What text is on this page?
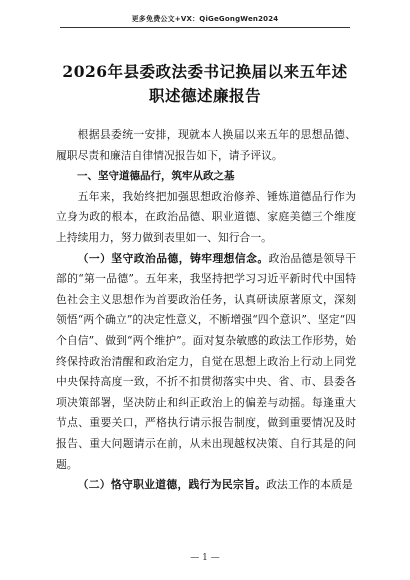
更多免费公文+VX：QiGeGongWen2024
2026年县委政法委书记换届以来五年述
职述德述廉报告

根据县委统一安排，现就本人换届以来五年的思想品德、履职尽责和廉洁自律情况报告如下，请予评议。

一、坚守道德品行，筑牢从政之基

五年来，我始终把加强思想政治修养、锤炼道德品行作为立身为政的根本，在政治品德、职业道德、家庭美德三个维度上持续用力，努力做到表里如一、知行合一。

（一）坚守政治品德，铸牢理想信念。政治品德是领导干部的“第一品德”。五年来，我坚持把学习习近平新时代中国特色社会主义思想作为首要政治任务，认真研读原著原文，深刻领悟“两个确立”的决定性意义，不断增强“四个意识”、坚定“四个自信”、做到“两个维护”。面对复杂敏感的政法工作形势，始终保持政治清醒和政治定力，自觉在思想上政治上行动上同党中央保持高度一致，不折不扣贯彻落实中央、省、市、县委各项决策部署，坚决防止和纠正政治上的偏差与动摇。每逢重大节点、重要关口，严格执行请示报告制度，做到重要情况及时报告、重大问题请示在前，从未出现越权决策、自行其是的问题。

（二）恪守职业道德，践行为民宗旨。政法工作的本质是

— 1 —
